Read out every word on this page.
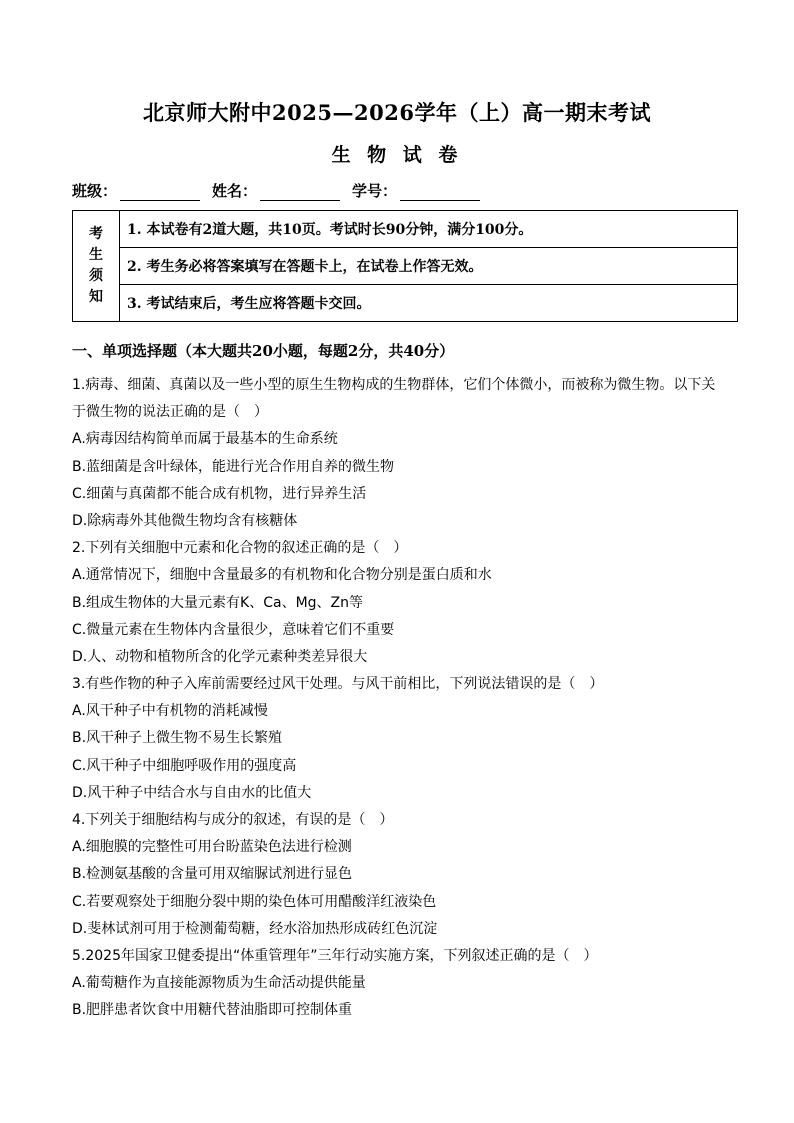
北京师大附中2025—2026学年（上）高一期末考试
生 物 试 卷
班级：	姓名：	学号：
考
生
须
知
1. 本试卷有2道大题，共10页。考试时长90分钟，满分100分。
2. 考生务必将答案填写在答题卡上，在试卷上作答无效。
3. 考试结束后，考生应将答题卡交回。
一、单项选择题（本大题共20小题，每题2分，共40分）
1.病毒、细菌、真菌以及一些小型的原生生物构成的生物群体，它们个体微小，而被称为微生物。以下关
于微生物的说法正确的是（　）
A.病毒因结构简单而属于最基本的生命系统
B.蓝细菌是含叶绿体，能进行光合作用自养的微生物
C.细菌与真菌都不能合成有机物，进行异养生活
D.除病毒外其他微生物均含有核糖体
2.下列有关细胞中元素和化合物的叙述正确的是（　）
A.通常情况下，细胞中含量最多的有机物和化合物分别是蛋白质和水
B.组成生物体的大量元素有K、Ca、Mg、Zn等
C.微量元素在生物体内含量很少，意味着它们不重要
D.人、动物和植物所含的化学元素种类差异很大
3.有些作物的种子入库前需要经过风干处理。与风干前相比，下列说法错误的是（　）
A.风干种子中有机物的消耗减慢
B.风干种子上微生物不易生长繁殖
C.风干种子中细胞呼吸作用的强度高
D.风干种子中结合水与自由水的比值大
4.下列关于细胞结构与成分的叙述，有误的是（　）
A.细胞膜的完整性可用台盼蓝染色法进行检测
B.检测氨基酸的含量可用双缩脲试剂进行显色
C.若要观察处于细胞分裂中期的染色体可用醋酸洋红液染色
D.斐林试剂可用于检测葡萄糖，经水浴加热形成砖红色沉淀
5.2025年国家卫健委提出“体重管理年”三年行动实施方案，下列叙述正确的是（　）
A.葡萄糖作为直接能源物质为生命活动提供能量
B.肥胖患者饮食中用糖代替油脂即可控制体重
